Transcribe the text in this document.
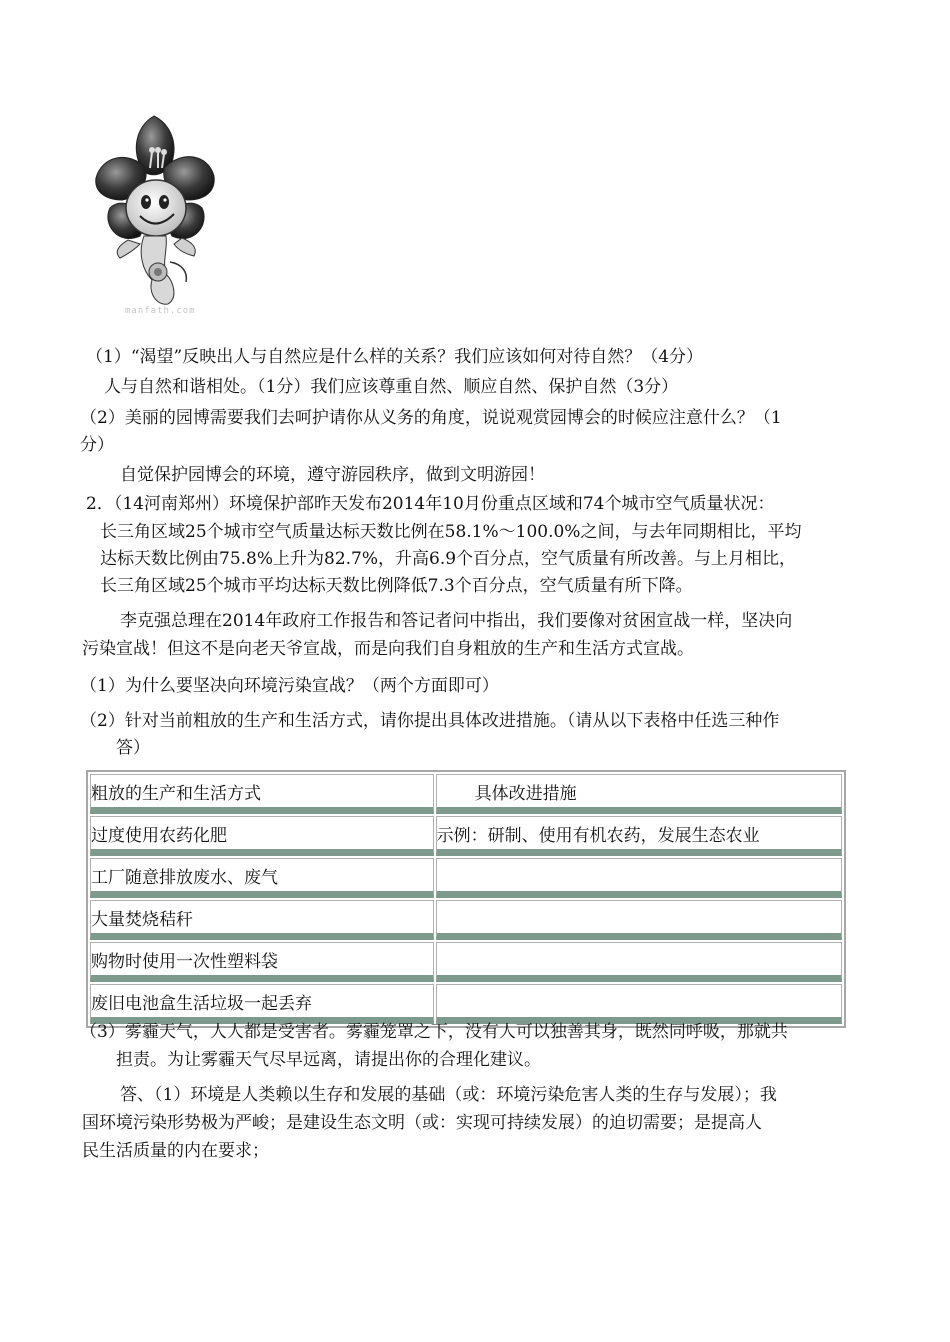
manfath.com
（1）“渴望”反映出人与自然应是什么样的关系？我们应该如何对待自然？（4分）
人与自然和谐相处。（1分）我们应该尊重自然、顺应自然、保护自然（3分）
（2）美丽的园博需要我们去呵护请你从义务的角度，说说观赏园博会的时候应注意什么？（1
分）
自觉保护园博会的环境，遵守游园秩序，做到文明游园！
2．（14河南郑州）环境保护部昨天发布2014年10月份重点区域和74个城市空气质量状况：
长三角区域25个城市空气质量达标天数比例在58.1%～100.0%之间，与去年同期相比，平均
达标天数比例由75.8%上升为82.7%，升高6.9个百分点，空气质量有所改善。与上月相比，
长三角区域25个城市平均达标天数比例降低7.3个百分点，空气质量有所下降。
李克强总理在2014年政府工作报告和答记者问中指出，我们要像对贫困宣战一样，坚决向
污染宣战！但这不是向老天爷宣战，而是向我们自身粗放的生产和生活方式宣战。
（1）为什么要坚决向环境污染宣战？（两个方面即可）
（2）针对当前粗放的生产和生活方式，请你提出具体改进措施。（请从以下表格中任选三种作
答）
粗放的生产和生活方式	具体改进措施
过度使用农药化肥	示例：研制、使用有机农药，发展生态农业
工厂随意排放废水、废气	
大量焚烧秸秆	
购物时使用一次性塑料袋	
废旧电池盒生活垃圾一起丢弃	
（3）雾霾天气，人人都是受害者。雾霾笼罩之下，没有人可以独善其身，既然同呼吸，那就共
担责。为让雾霾天气尽早远离，请提出你的合理化建议。
答、（1）环境是人类赖以生存和发展的基础（或：环境污染危害人类的生存与发展）；我
国环境污染形势极为严峻；是建设生态文明（或：实现可持续发展）的迫切需要；是提高人
民生活质量的内在要求；
